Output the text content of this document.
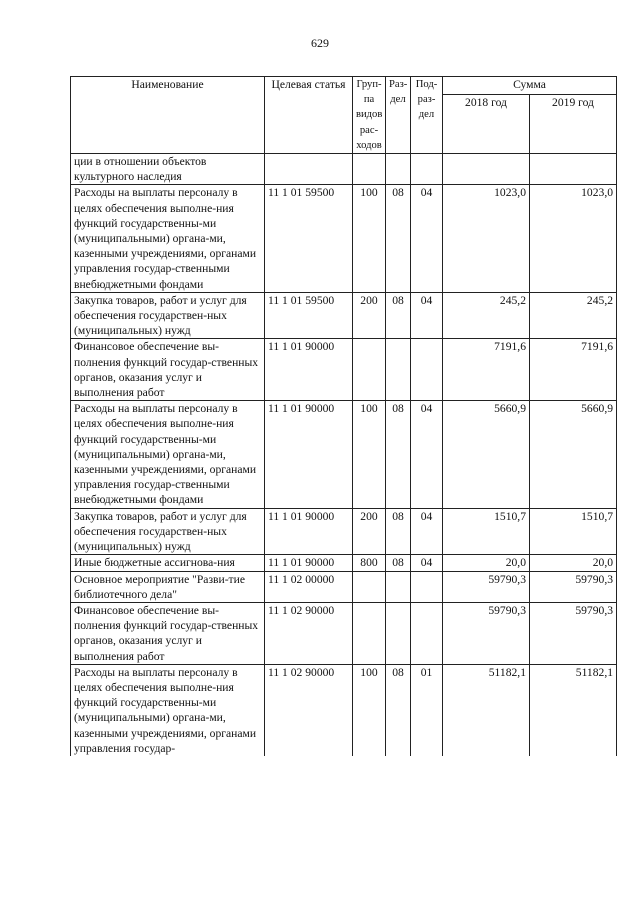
629
Наименование	Целевая статья	Груп-па видов рас-ходов	Раз-дел	Под-раз-дел	Сумма	
					2018 год	2019 год
ции в отношении объектов культурного наследия						
Расходы на выплаты персоналу в целях обеспечения выполне-ния функций государственны-ми (муниципальными) органа-ми, казенными учреждениями, органами управления государ-ственными внебюджетными фондами	11 1 01 59500	100	08	04	1023,0	1023,0
Закупка товаров, работ и услуг для обеспечения государствен-ных (муниципальных) нужд	11 1 01 59500	200	08	04	245,2	245,2
Финансовое обеспечение вы-полнения функций государ-ственных органов, оказания услуг и выполнения работ	11 1 01 90000				7191,6	7191,6
Расходы на выплаты персоналу в целях обеспечения выполне-ния функций государственны-ми (муниципальными) органа-ми, казенными учреждениями, органами управления государ-ственными внебюджетными фондами	11 1 01 90000	100	08	04	5660,9	5660,9
Закупка товаров, работ и услуг для обеспечения государствен-ных (муниципальных) нужд	11 1 01 90000	200	08	04	1510,7	1510,7
Иные бюджетные ассигнова-ния	11 1 01 90000	800	08	04	20,0	20,0
Основное мероприятие "Разви-тие библиотечного дела"	11 1 02 00000				59790,3	59790,3
Финансовое обеспечение вы-полнения функций государ-ственных органов, оказания услуг и выполнения работ	11 1 02 90000				59790,3	59790,3
Расходы на выплаты персоналу в целях обеспечения выполне-ния функций государственны-ми (муниципальными) органа-ми, казенными учреждениями, органами управления государ-	11 1 02 90000	100	08	01	51182,1	51182,1
